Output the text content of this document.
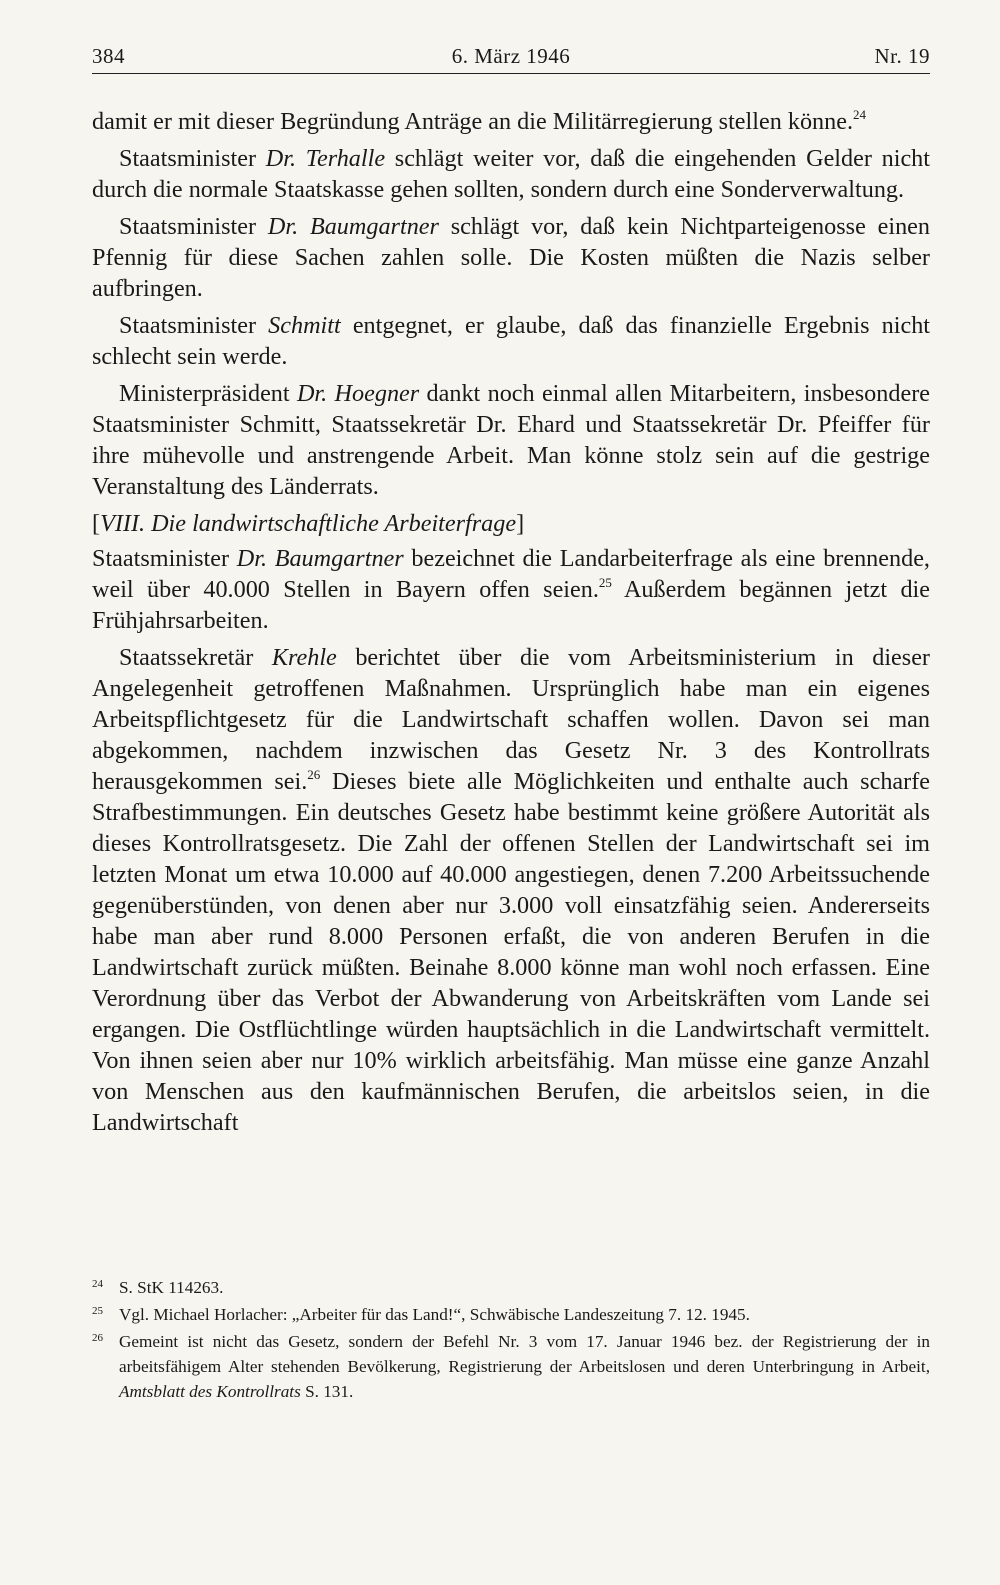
6. März 1946
384	Nr. 19

damit er mit dieser Begründung Anträge an die Militärregierung stellen könne.$^{24}$

Staatsminister Dr. Terhalle schlägt weiter vor, daß die eingehenden Gelder nicht durch die normale Staatskasse gehen sollten, sondern durch eine Sonderverwaltung.

Staatsminister Dr. Baumgartner schlägt vor, daß kein Nichtparteigenosse einen Pfennig für diese Sachen zahlen solle. Die Kosten müßten die Nazis selber aufbringen.

Staatsminister Schmitt entgegnet, er glaube, daß das finanzielle Ergebnis nicht schlecht sein werde.

Ministerpräsident Dr. Hoegner dankt noch einmal allen Mitarbeitern, insbesondere Staatsminister Schmitt, Staatssekretär Dr. Ehard und Staatssekretär Dr. Pfeiffer für ihre mühevolle und anstrengende Arbeit. Man könne stolz sein auf die gestrige Veranstaltung des Länderrats.

[VIII. Die landwirtschaftliche Arbeiterfrage]

Staatsminister Dr. Baumgartner bezeichnet die Landarbeiterfrage als eine brennende, weil über 40.000 Stellen in Bayern offen seien.$^{25}$ Außerdem begännen jetzt die Frühjahrsarbeiten.

Staatssekretär Krehle berichtet über die vom Arbeitsministerium in dieser Angelegenheit getroffenen Maßnahmen. Ursprünglich habe man ein eigenes Arbeitspflichtgesetz für die Landwirtschaft schaffen wollen. Davon sei man abgekommen, nachdem inzwischen das Gesetz Nr. 3 des Kontrollrats herausgekommen sei.$^{26}$ Dieses biete alle Möglichkeiten und enthalte auch scharfe Strafbestimmungen. Ein deutsches Gesetz habe bestimmt keine größere Autorität als dieses Kontrollratsgesetz. Die Zahl der offenen Stellen der Landwirtschaft sei im letzten Monat um etwa 10.000 auf 40.000 angestiegen, denen 7.200 Arbeitssuchende gegenüberstünden, von denen aber nur 3.000 voll einsatzfähig seien. Andererseits habe man aber rund 8.000 Personen erfaßt, die von anderen Berufen in die Landwirtschaft zurück müßten. Beinahe 8.000 könne man wohl noch erfassen. Eine Verordnung über das Verbot der Abwanderung von Arbeitskräften vom Lande sei ergangen. Die Ostflüchtlinge würden hauptsächlich in die Landwirtschaft vermittelt. Von ihnen seien aber nur 10% wirklich arbeitsfähig. Man müsse eine ganze Anzahl von Menschen aus den kaufmännischen Berufen, die arbeitslos seien, in die Landwirtschaft

24 S. StK 114263.
25 Vgl. Michael Horlacher: „Arbeiter für das Land!“, Schwäbische Landeszeitung 7. 12. 1945.
26 Gemeint ist nicht das Gesetz, sondern der Befehl Nr. 3 vom 17. Januar 1946 bez. der Registrierung der in arbeitsfähigem Alter stehenden Bevölkerung, Registrierung der Arbeitslosen und deren Unterbringung in Arbeit, Amtsblatt des Kontrollrats S. 131.
